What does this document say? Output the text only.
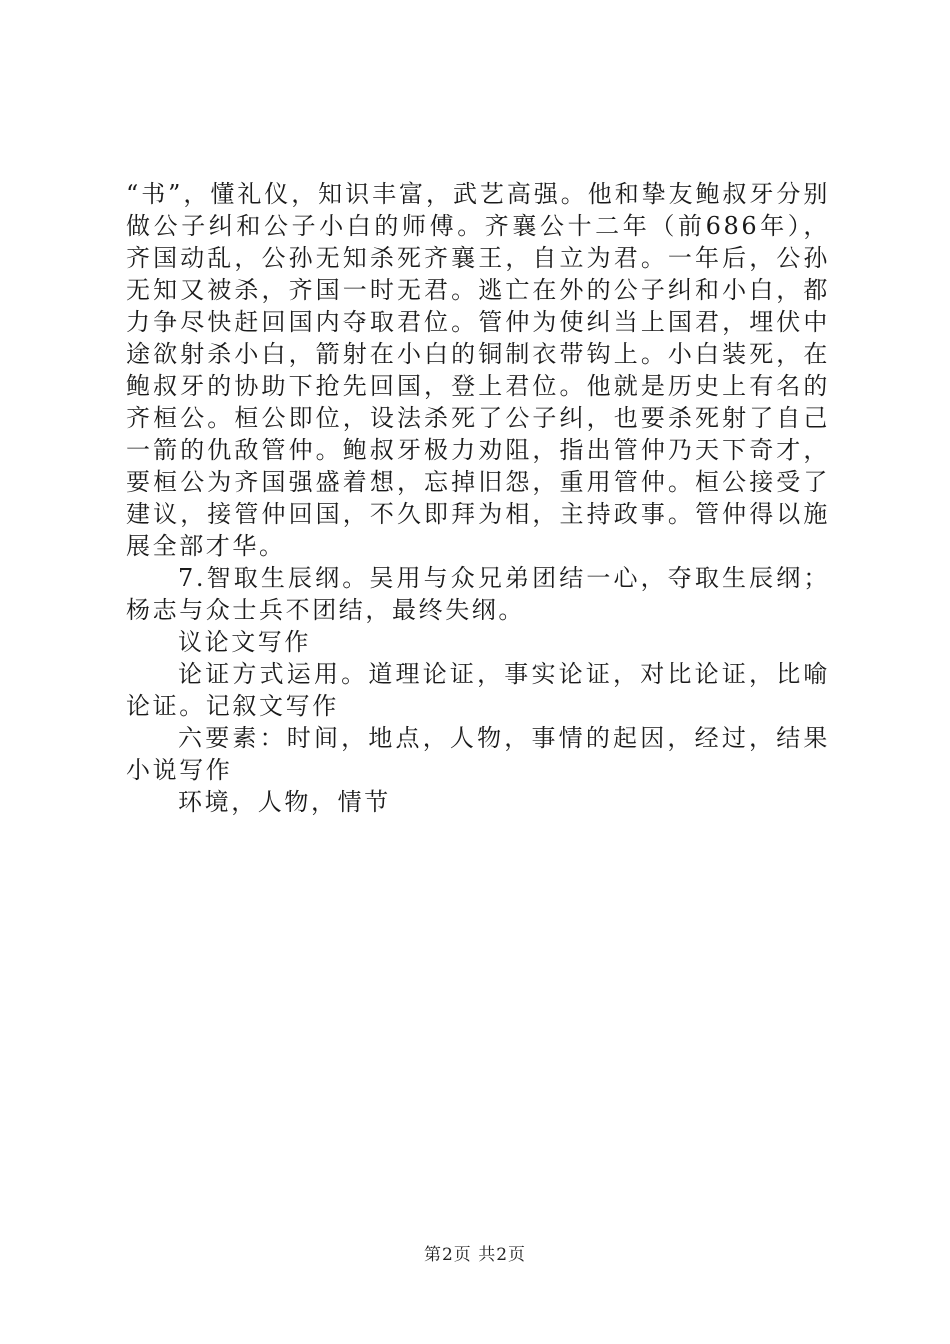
“书”，懂礼仪，知识丰富，武艺高强。他和挚友鲍叔牙分别做公子纠和公子小白的师傅。齐襄公十二年（前686年），齐国动乱，公孙无知杀死齐襄王，自立为君。一年后，公孙无知又被杀，齐国一时无君。逃亡在外的公子纠和小白，都力争尽快赶回国内夺取君位。管仲为使纠当上国君，埋伏中途欲射杀小白，箭射在小白的铜制衣带钩上。小白装死，在鲍叔牙的协助下抢先回国，登上君位。他就是历史上有名的齐桓公。桓公即位，设法杀死了公子纠，也要杀死射了自己一箭的仇敌管仲。鲍叔牙极力劝阻，指出管仲乃天下奇才，要桓公为齐国强盛着想，忘掉旧怨，重用管仲。桓公接受了建议，接管仲回国，不久即拜为相，主持政事。管仲得以施展全部才华。

7.智取生辰纲。吴用与众兄弟团结一心，夺取生辰纲；杨志与众士兵不团结，最终失纲。

议论文写作

论证方式运用。道理论证，事实论证，对比论证，比喻论证。记叙文写作

六要素：时间，地点，人物，事情的起因，经过，结果小说写作

环境，人物，情节

第2页 共2页
